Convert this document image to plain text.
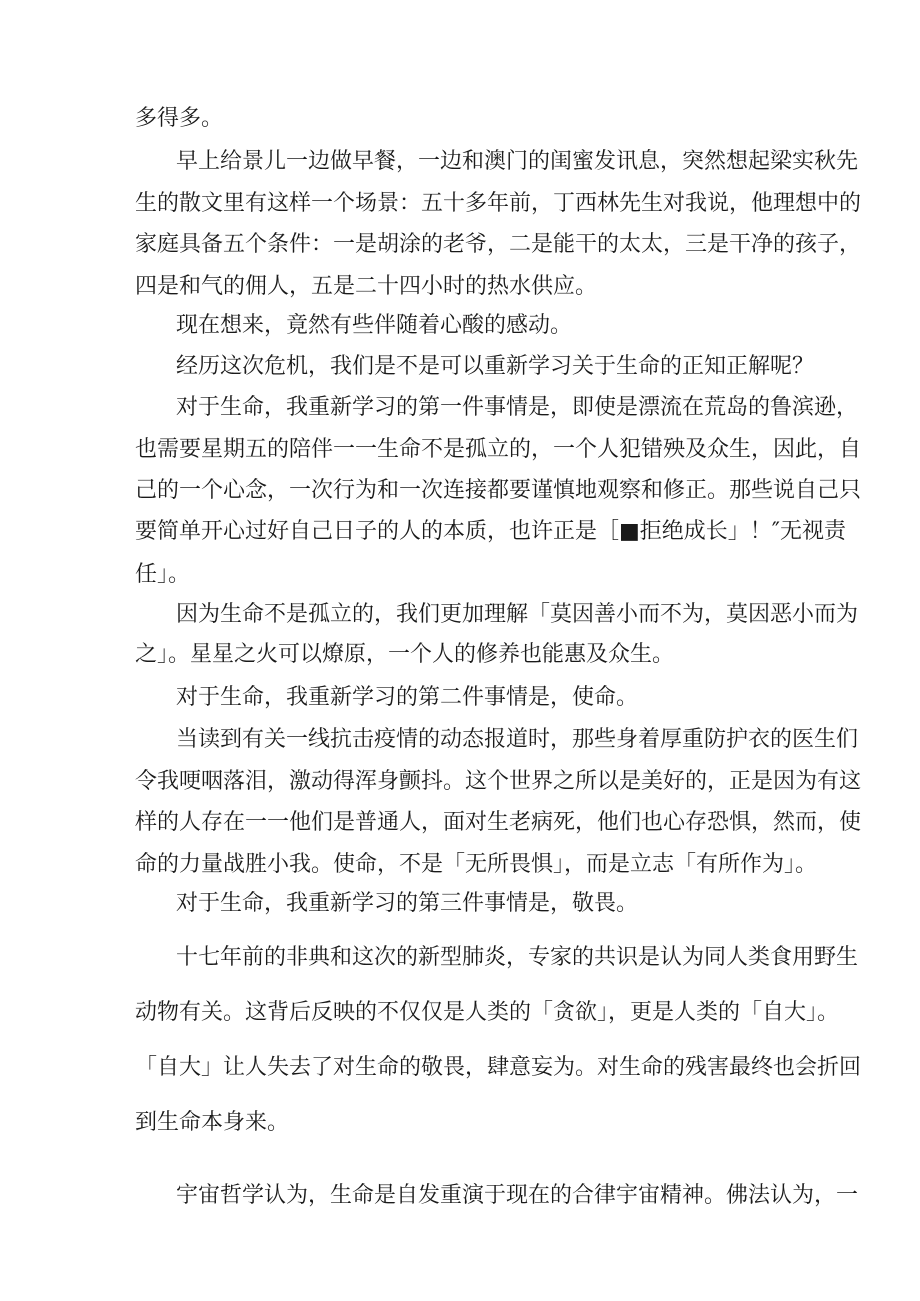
多得多。

早上给景儿一边做早餐，一边和澳门的闺蜜发讯息，突然想起梁实秋先

生的散文里有这样一个场景：五十多年前，丁西林先生对我说，他理想中的

家庭具备五个条件：一是胡涂的老爷，二是能干的太太，三是干净的孩子，

四是和气的佣人，五是二十四小时的热水供应。

现在想来，竟然有些伴随着心酸的感动。

经历这次危机，我们是不是可以重新学习关于生命的正知正解呢？

对于生命，我重新学习的第一件事情是，即使是漂流在荒岛的鲁滨逊，

也需要星期五的陪伴一一生命不是孤立的，一个人犯错殃及众生，因此，自

己的一个心念，一次行为和一次连接都要谨慎地观察和修正。那些说自己只

要简单开心过好自己日子的人的本质，也许正是［■拒绝成长」！″无视责

任」。

因为生命不是孤立的，我们更加理解「莫因善小而不为，莫因恶小而为

之」。星星之火可以燎原，一个人的修养也能惠及众生。

对于生命，我重新学习的第二件事情是，使命。

当读到有关一线抗击疫情的动态报道时，那些身着厚重防护衣的医生们

令我哽咽落泪，激动得浑身颤抖。这个世界之所以是美好的，正是因为有这

样的人存在一一他们是普通人，面对生老病死，他们也心存恐惧，然而，使

命的力量战胜小我。使命，不是「无所畏惧」，而是立志「有所作为」。

对于生命，我重新学习的第三件事情是，敬畏。

十七年前的非典和这次的新型肺炎，专家的共识是认为同人类食用野生

动物有关。这背后反映的不仅仅是人类的「贪欲」，更是人类的「自大」。

「自大」让人失去了对生命的敬畏，肆意妄为。对生命的残害最终也会折回

到生命本身来。

宇宙哲学认为，生命是自发重演于现在的合律宇宙精神。佛法认为，一
